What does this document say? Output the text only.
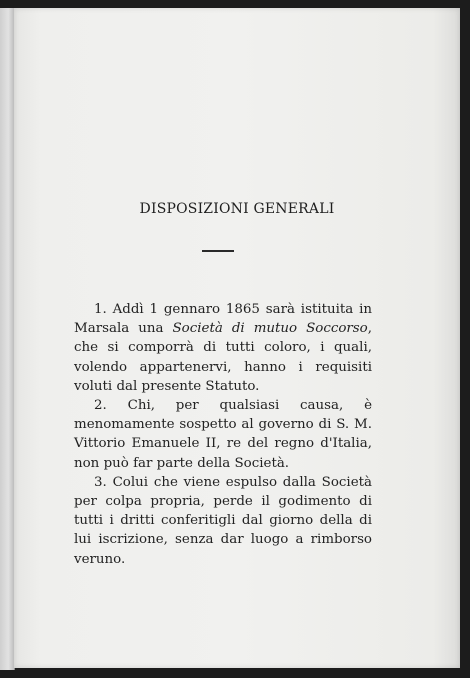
DISPOSIZIONI GENERALI

1. Addì 1 gennaro 1865 sarà istituita in Marsala una Società di mutuo Soccorso, che si comporrà di tutti coloro, i quali, volendo appartenervi, hanno i requisiti voluti dal presente Statuto.

2. Chi, per qualsiasi causa, è menomamente sospetto al governo di S. M. Vittorio Emanuele II, re del regno d'Italia, non può far parte della Società.

3. Colui che viene espulso dalla Società per colpa propria, perde il godimento di tutti i dritti conferitigli dal giorno della di lui iscrizione, senza dar luogo a rimborso veruno.
